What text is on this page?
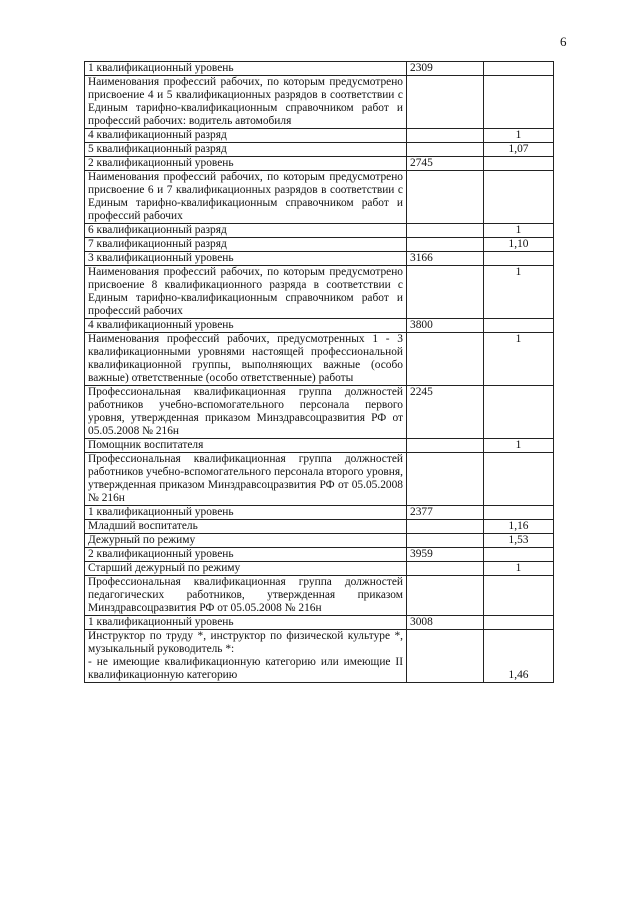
6
1 квалификационный уровень	2309	

Наименования профессий рабочих, по которым предусмотрено присвоение 4 и 5 квалификационных разрядов в соответствии с Единым тарифно-квалификационным справочником работ и профессий рабочих: водитель автомобиля		

4 квалификационный разряд		1

5 квалификационный разряд		1,07

2 квалификационный уровень	2745	

Наименования профессий рабочих, по которым предусмотрено присвоение 6 и 7 квалификационных разрядов в соответствии с Единым тарифно-квалификационным справочником работ и профессий рабочих		

6 квалификационный разряд		1

7 квалификационный разряд		1,10

3 квалификационный уровень	3166	

Наименования профессий рабочих, по которым предусмотрено присвоение 8 квалификационного разряда в соответствии с Единым тарифно-квалификационным справочником работ и профессий рабочих		1

4 квалификационный уровень	3800	

Наименования профессий рабочих, предусмотренных 1 - 3 квалификационными уровнями настоящей профессиональной квалификационной группы, выполняющих важные (особо важные) ответственные (особо ответственные) работы		1

Профессиональная квалификационная группа должностей работников учебно-вспомогательного персонала первого уровня, утвержденная приказом Минздравсоцразвития РФ от 05.05.2008 № 216н	2245	

Помощник воспитателя		1

Профессиональная квалификационная группа должностей работников учебно-вспомогательного персонала второго уровня, утвержденная приказом Минздравсоцразвития РФ от 05.05.2008 № 216н		

1 квалификационный уровень	2377	

Младший воспитатель		1,16

Дежурный по режиму		1,53

2 квалификационный уровень	3959	

Старший дежурный по режиму		1

Профессиональная квалификационная группа должностей педагогических работников, утвержденная приказом Минздравсоцразвития РФ от 05.05.2008 № 216н		

1 квалификационный уровень	3008	

Инструктор по труду *, инструктор по физической культуре *, музыкальный руководитель *:
- не имеющие квалификационную категорию или имеющие II квалификационную категорию		1,46
